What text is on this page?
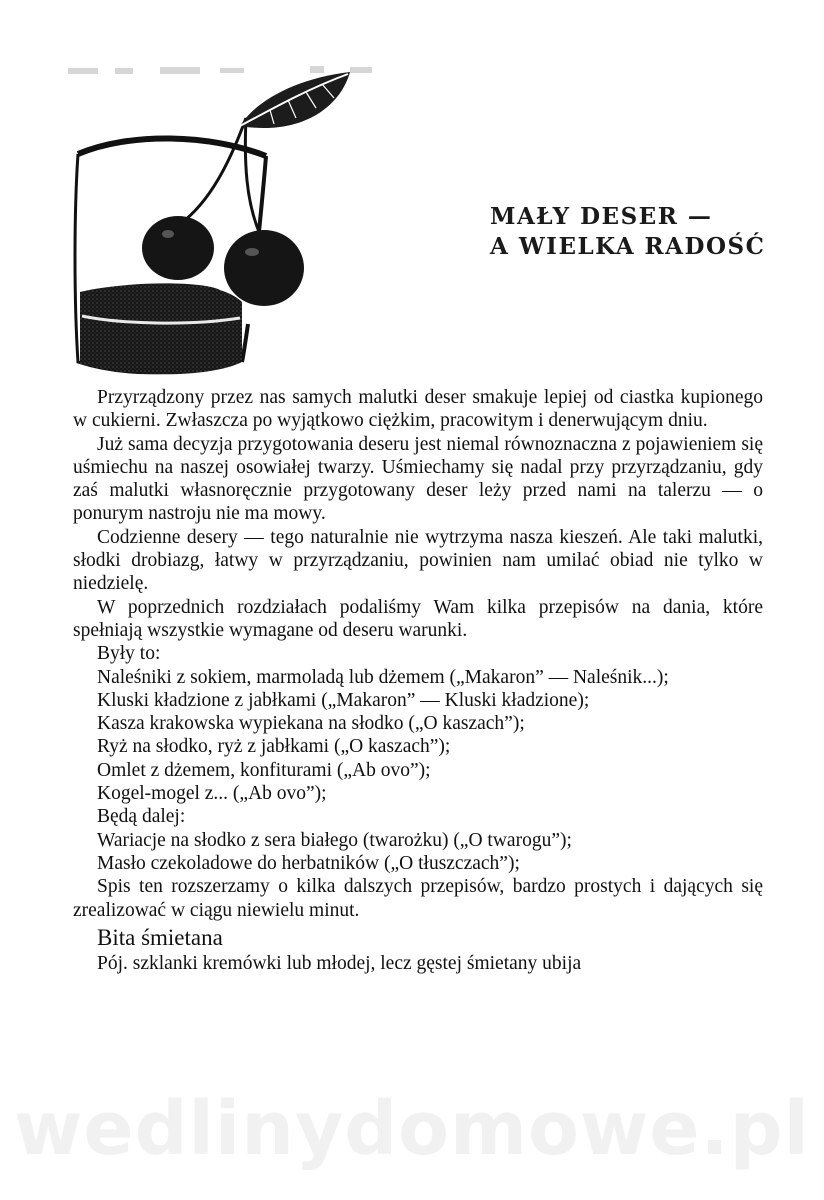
MAŁY DESER —
A WIELKA RADOŚĆ

Przyrządzony przez nas samych malutki deser smakuje lepiej od ciastka kupionego w cukierni. Zwłaszcza po wyjątkowo ciężkim, pracowitym i denerwującym dniu.

Już sama decyzja przygotowania deseru jest niemal równoznaczna z pojawieniem się uśmiechu na naszej osowiałej twarzy. Uśmiechamy się nadal przy przyrządzaniu, gdy zaś malutki własnoręcznie przygotowany deser leży przed nami na talerzu — o ponurym nastroju nie ma mowy.

Codzienne desery — tego naturalnie nie wytrzyma nasza kieszeń. Ale taki malutki, słodki drobiazg, łatwy w przyrządzaniu, powinien nam umilać obiad nie tylko w niedzielę.

W poprzednich rozdziałach podaliśmy Wam kilka przepisów na dania, które spełniają wszystkie wymagane od deseru warunki.

Były to:

Naleśniki z sokiem, marmoladą lub dżemem („Makaron” — Naleśnik...);

Kluski kładzione z jabłkami („Makaron” — Kluski kładzione);

Kasza krakowska wypiekana na słodko („O kaszach”);

Ryż na słodko, ryż z jabłkami („O kaszach”);

Omlet z dżemem, konfiturami („Ab ovo”);

Kogel-mogel z... („Ab ovo”);

Będą dalej:

Wariacje na słodko z sera białego (twarożku) („O twarogu”);

Masło czekoladowe do herbatników („O tłuszczach”);

Spis ten rozszerzamy o kilka dalszych przepisów, bardzo prostych i dających się zrealizować w ciągu niewielu minut.

Bita śmietana

Pój. szklanki kremówki lub młodej, lecz gęstej śmietany ubija

wedlinydomowe.pl
